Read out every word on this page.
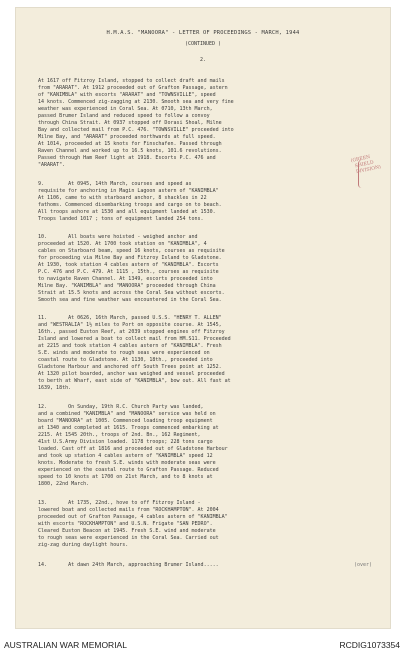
H.M.A.S. "MANOORA" - LETTER OF PROCEEDINGS - MARCH, 1944
(CONTINUED )
2.
At 1617 off Fitzroy Island, stopped to collect draft and mails
from "ARARAT". At 1912 proceeded out of Grafton Passage, astern
of "KANIMBLA" with escorts "ARARAT" and "TOWNSVILLE", speed
14 knots. Commenced zig-zagging at 2130. Smooth sea and very fine
weather was experienced in Coral Sea. At 0710, 13th March,
passed Brumer Island and reduced speed to follow a convoy
through China Strait. At 0937 stopped off Dorasi Shoal, Milne
Bay and collected mail from P.C. 476. "TOWNSVILLE" proceeded into
Milne Bay, and "ARARAT" proceeded northwards at full speed.
At 1014, proceeded at 15 knots for Finschafen. Passed through
Raven Channel and worked up to 16.5 knots, 101.6 revolutions.
Passed through Ham Reef light at 1918. Escorts P.C. 476 and
"ARARAT".
(GREEN
SHIELD
DIVISION)
9.        At 0945, 14th March, courses and speed as
requisite for anchoring in Magin Lagoon astern of "KANIMBLA"
At 1106, came to with starboard anchor, 8 shackles in 22
fathoms. Commenced disembarking troops and cargo on to beach.
All troops ashore at 1530 and all equipment landed at 1530.
Troops landed 1017 ; tons of equipment landed 254 tons.
10.       All boats were hoisted - weighed anchor and
proceeded at 1520. At 1700 took station on "KANIMBLA", 4
cables on Starboard beam, speed 16 knots, courses as requisite
for proceeding via Milne Bay and Fitzroy Island to Gladstone.
At 1930, took station 4 cables astern of "KANIMBLA". Escorts
P.C. 476 and P.C. 479. At 1115 , 15th., courses as requisite
to navigate Raven Channel. At 1349, escorts proceeded into
Milne Bay. "KANIMBLA" and "MANOORA" proceeded through China
Strait at 15.5 knots and across the Coral Sea without escorts.
Smooth sea and fine weather was encountered in the Coral Sea.
11.       At 0626, 16th March, passed U.S.S. "HENRY T. ALLEN"
and "WESTRALIA" 1½ miles to Port on opposite course. At 1545,
16th., passed Euston Reef, at 2039 stopped engines off Fitzroy
Island and lowered a boat to collect mail from HM.S11. Proceeded
at 2215 and took station 4 cables astern of "KANIMBLA". Fresh
S.E. winds and moderate to rough seas were experienced on
coastal route to Gladstone. At 1130, 18th., proceeded into
Gladstone Harbour and anchored off South Trees point at 1252.
At 1320 pilot boarded, anchor was weighed and vessel proceeded
to berth at Wharf, east side of "KANIMBLA", bow out. All fast at
1639, 18th.
12.       On Sunday, 19th R.C. Church Party was landed,
and a combined "KANIMBLA" and "MANOORA" service was held on
board "MANOORA" at 1005. Commenced loading troop equipment
at 1340 and completed at 1615. Troops commenced embarking at
2215. At 1545 20th., troops of 2nd. Bn., 162 Regiment,
41st U.S.Army Division loaded. 1178 troops; 228 tons cargo
loaded. Cast off at 1816 and proceeded out of Gladstone Harbour
and took up station 4 cables astern of "KANIMBLA" speed 12
knots. Moderate to fresh S.E. winds with moderate seas were
experienced on the coastal route to Grafton Passage. Reduced
speed to 10 knots at 1700 on 21st March, and to 8 knots at
1800, 22nd March.
13.       At 1735, 22nd., hove to off Fitzroy Island -
lowered boat and collected mails from "ROCKHAMPTON". At 2004
proceeded out of Grafton Passage, 4 cables astern of "KANIMBLA"
with escorts "ROCKHAMPTON" and U.S.N. Frigate "SAN PEDRO".
Cleared Euston Beacon at 1945. Fresh S.E. wind and moderate
to rough seas were experienced in the Coral Sea. Carried out
zig-zag during daylight hours.
14.       At dawn 24th March, approaching Brumer Island.....	(over)
AUSTRALIAN WAR MEMORIAL	RCDIG1073354
